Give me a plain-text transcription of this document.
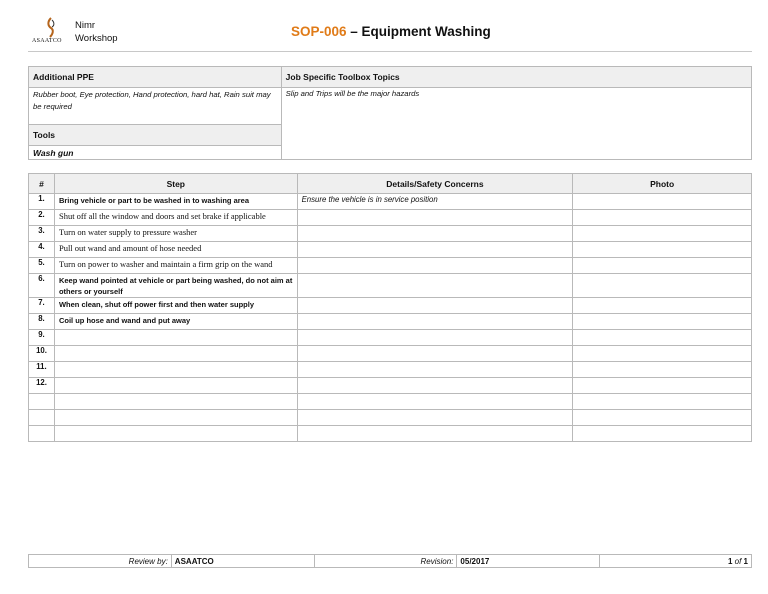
ASAATCO
Nimr
Workshop	SOP-006 – Equipment Washing
Additional PPE	Job Specific Toolbox Topics
Rubber boot, Eye protection, Hand protection, hard hat, Rain suit may be required	Slip and Trips will be the major hazards

Tools	
Wash gun	
#	Step	Details/Safety Concerns	Photo
1.	Bring vehicle or part to be washed in to washing area	Ensure the vehicle is in service position	
2.	Shut off all the window and doors and set brake if applicable		
3.	Turn on water supply to pressure washer		
4.	Pull out wand and amount of hose needed		
5.	Turn on power to washer and maintain a firm grip on the wand		
6.	Keep wand pointed at vehicle or part being washed, do not aim at others or yourself		
7.	When clean, shut off power first and then water supply		
8.	Coil up hose and wand and put away		
9.			
10.			
11.			
12.			

Review by:	ASAATCO	Revision:	05/2017	1 of 1
